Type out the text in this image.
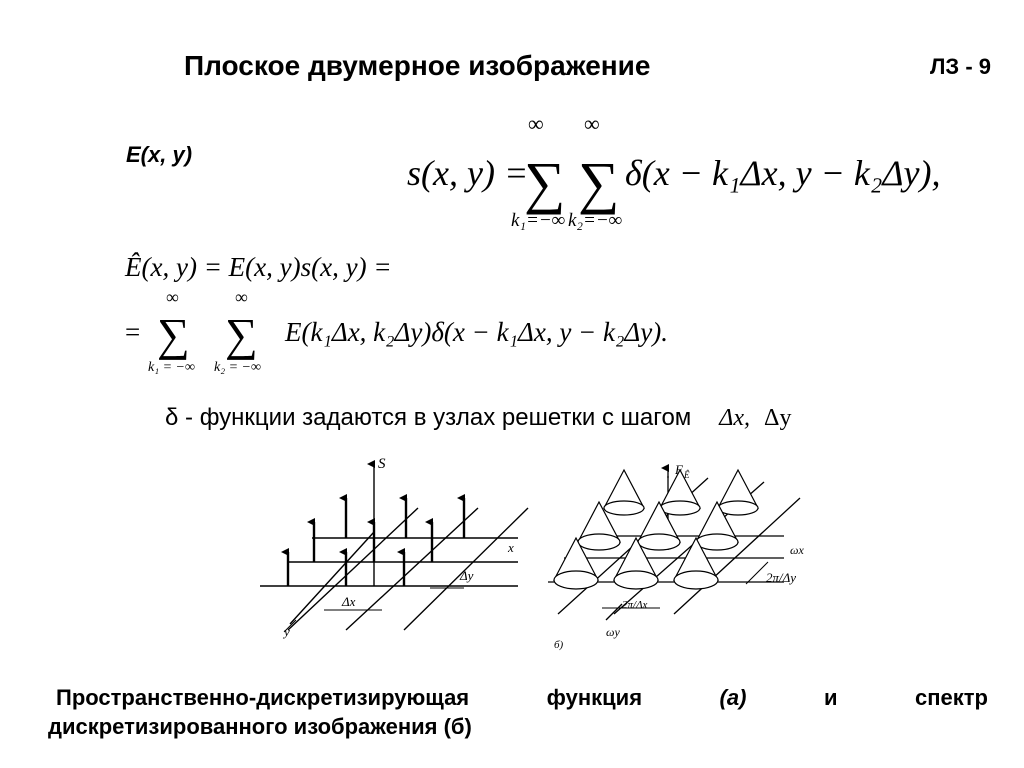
Плоское двумерное изображение	ЛЗ - 9
E(x, y)	s(x, y) =
∑
∞
k₁=−∞
∑
∞
k₂=−∞
δ(x − k₁Δx, y − k₂Δy),
Ê(x, y) = E(x, y)s(x, y) =
= ∑
∞
k₁ = −∞
∑
∞
k₂ = −∞
E(k₁Δx, k₂Δy)δ(x − k₁Δx, y − k₂Δy).
δ - функции задаются в узлах решетки с шагом Δx, Δy
S
x
y
Δx
Δy
F Ê
ωx
ωy
2π/Δy
2π/Δx
б)
Пространственно-дискретизирующая	функция	(а)	и	спектр
дискретизированного изображения (б)
